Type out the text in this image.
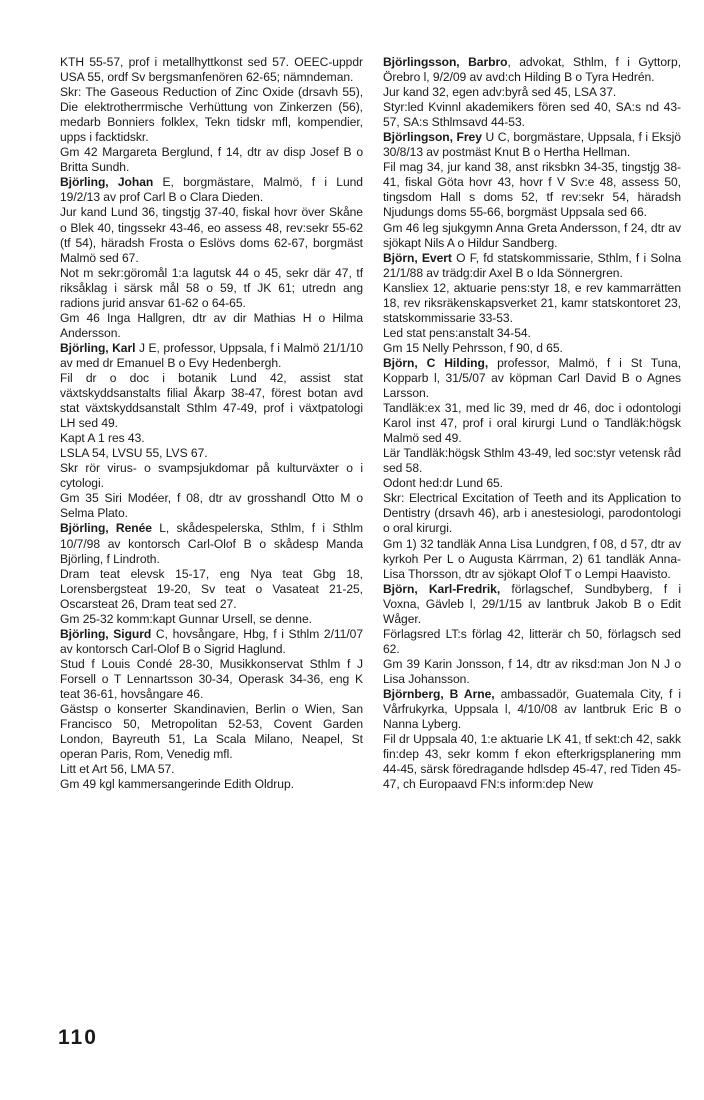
KTH 55-57, prof i metallhyttkonst sed 57. OEEC-uppdr USA 55, ordf Sv bergsmanfenören 62-65; nämndeman.

Skr: The Gaseous Reduction of Zinc Oxide (drsavh 55), Die elektrotherrmische Verhüttung von Zinkerzen (56), medarb Bonniers folklex, Tekn tidskr mfl, kompendier, upps i facktidskr.

Gm 42 Margareta Berglund, f 14, dtr av disp Josef B o Britta Sundh.

Björling, Johan E, borgmästare, Malmö, f i Lund 19/2/13 av prof Carl B o Clara Dieden.

Jur kand Lund 36, tingstjg 37-40, fiskal hovr över Skåne o Blek 40, tingssekr 43-46, eo assess 48, rev:sekr 55-62 (tf 54), häradsh Frosta o Eslövs doms 62-67, borgmäst Malmö sed 67.

Not m sekr:göromål 1:a lagutsk 44 o 45, sekr där 47, tf riksåklag i särsk mål 58 o 59, tf JK 61; utredn ang radions jurid ansvar 61-62 o 64-65.

Gm 46 Inga Hallgren, dtr av dir Mathias H o Hilma Andersson.

Björling, Karl J E, professor, Uppsala, f i Malmö 21/1/10 av med dr Emanuel B o Evy Hedenbergh.

Fil dr o doc i botanik Lund 42, assist stat växtskyddsanstalts filial Åkarp 38-47, förest botan avd stat växtskyddsanstalt Sthlm 47-49, prof i växtpatologi LH sed 49.

Kapt A 1 res 43.

LSLA 54, LVSU 55, LVS 67.

Skr rör virus- o svampsjukdomar på kulturväxter o i cytologi.

Gm 35 Siri Modéer, f 08, dtr av grosshandl Otto M o Selma Plato.

Björling, Renée L, skådespelerska, Sthlm, f i Sthlm 10/7/98 av kontorsch Carl-Olof B o skådesp Manda Björling, f Lindroth.

Dram teat elevsk 15-17, eng Nya teat Gbg 18, Lorensbergsteat 19-20, Sv teat o Vasateat 21-25, Oscarsteat 26, Dram teat sed 27.

Gm 25-32 komm:kapt Gunnar Ursell, se denne.

Björling, Sigurd C, hovsångare, Hbg, f i Sthlm 2/11/07 av kontorsch Carl-Olof B o Sigrid Haglund.

Stud f Louis Condé 28-30, Musikkonservat Sthlm f J Forsell o T Lennartsson 30-34, Operask 34-36, eng K teat 36-61, hovsångare 46.

Gästsp o konserter Skandinavien, Berlin o Wien, San Francisco 50, Metropolitan 52-53, Covent Garden London, Bayreuth 51, La Scala Milano, Neapel, St operan Paris, Rom, Venedig mfl.

Litt et Art 56, LMA 57.

Gm 49 kgl kammersangerinde Edith Oldrup.

Björlingsson, Barbro, advokat, Sthlm, f i Gyttorp, Örebro l, 9/2/09 av avd:ch Hilding B o Tyra Hedrén.

Jur kand 32, egen adv:byrå sed 45, LSA 37.

Styr:led Kvinnl akademikers fören sed 40, SA:s nd 43-57, SA:s Sthlmsavd 44-53.

Björlingson, Frey U C, borgmästare, Uppsala, f i Eksjö 30/8/13 av postmäst Knut B o Hertha Hellman.

Fil mag 34, jur kand 38, anst riksbkn 34-35, tingstjg 38-41, fiskal Göta hovr 43, hovr f V Sv:e 48, assess 50, tingsdom Hall s doms 52, tf rev:sekr 54, häradsh Njudungs doms 55-66, borgmäst Uppsala sed 66.

Gm 46 leg sjukgymn Anna Greta Andersson, f 24, dtr av sjökapt Nils A o Hildur Sandberg.

Björn, Evert O F, fd statskommissarie, Sthlm, f i Solna 21/1/88 av trädg:dir Axel B o Ida Sönnergren.

Kansliex 12, aktuarie pens:styr 18, e rev kammarrätten 18, rev riksräkenskapsverket 21, kamr statskontoret 23, statskommissarie 33-53.

Led stat pens:anstalt 34-54.

Gm 15 Nelly Pehrsson, f 90, d 65.

Björn, C Hilding, professor, Malmö, f i St Tuna, Kopparb l, 31/5/07 av köpman Carl David B o Agnes Larsson.

Tandläk:ex 31, med lic 39, med dr 46, doc i odontologi Karol inst 47, prof i oral kirurgi Lund o Tandläk:högsk Malmö sed 49.

Lär Tandläk:högsk Sthlm 43-49, led soc:styr vetensk råd sed 58.

Odont hed:dr Lund 65.

Skr: Electrical Excitation of Teeth and its Application to Dentistry (drsavh 46), arb i anestesiologi, parodontologi o oral kirurgi.

Gm 1) 32 tandläk Anna Lisa Lundgren, f 08, d 57, dtr av kyrkoh Per L o Augusta Kärrman, 2) 61 tandläk Anna-Lisa Thorsson, dtr av sjökapt Olof T o Lempi Haavisto.

Björn, Karl-Fredrik, förlagschef, Sundbyberg, f i Voxna, Gävleb l, 29/1/15 av lantbruk Jakob B o Edit Wåger.

Förlagsred LT:s förlag 42, litterär ch 50, förlagsch sed 62.

Gm 39 Karin Jonsson, f 14, dtr av riksd:man Jon N J o Lisa Johansson.

Björnberg, B Arne, ambassadör, Guatemala City, f i Vårfrukyrka, Uppsala l, 4/10/08 av lantbruk Eric B o Nanna Lyberg.

Fil dr Uppsala 40, 1:e aktuarie LK 41, tf sekt:ch 42, sakk fin:dep 43, sekr komm f ekon efterkrigsplanering mm 44-45, särsk föredragande hdlsdep 45-47, red Tiden 45-47, ch Europaavd FN:s inform:dep New

110
